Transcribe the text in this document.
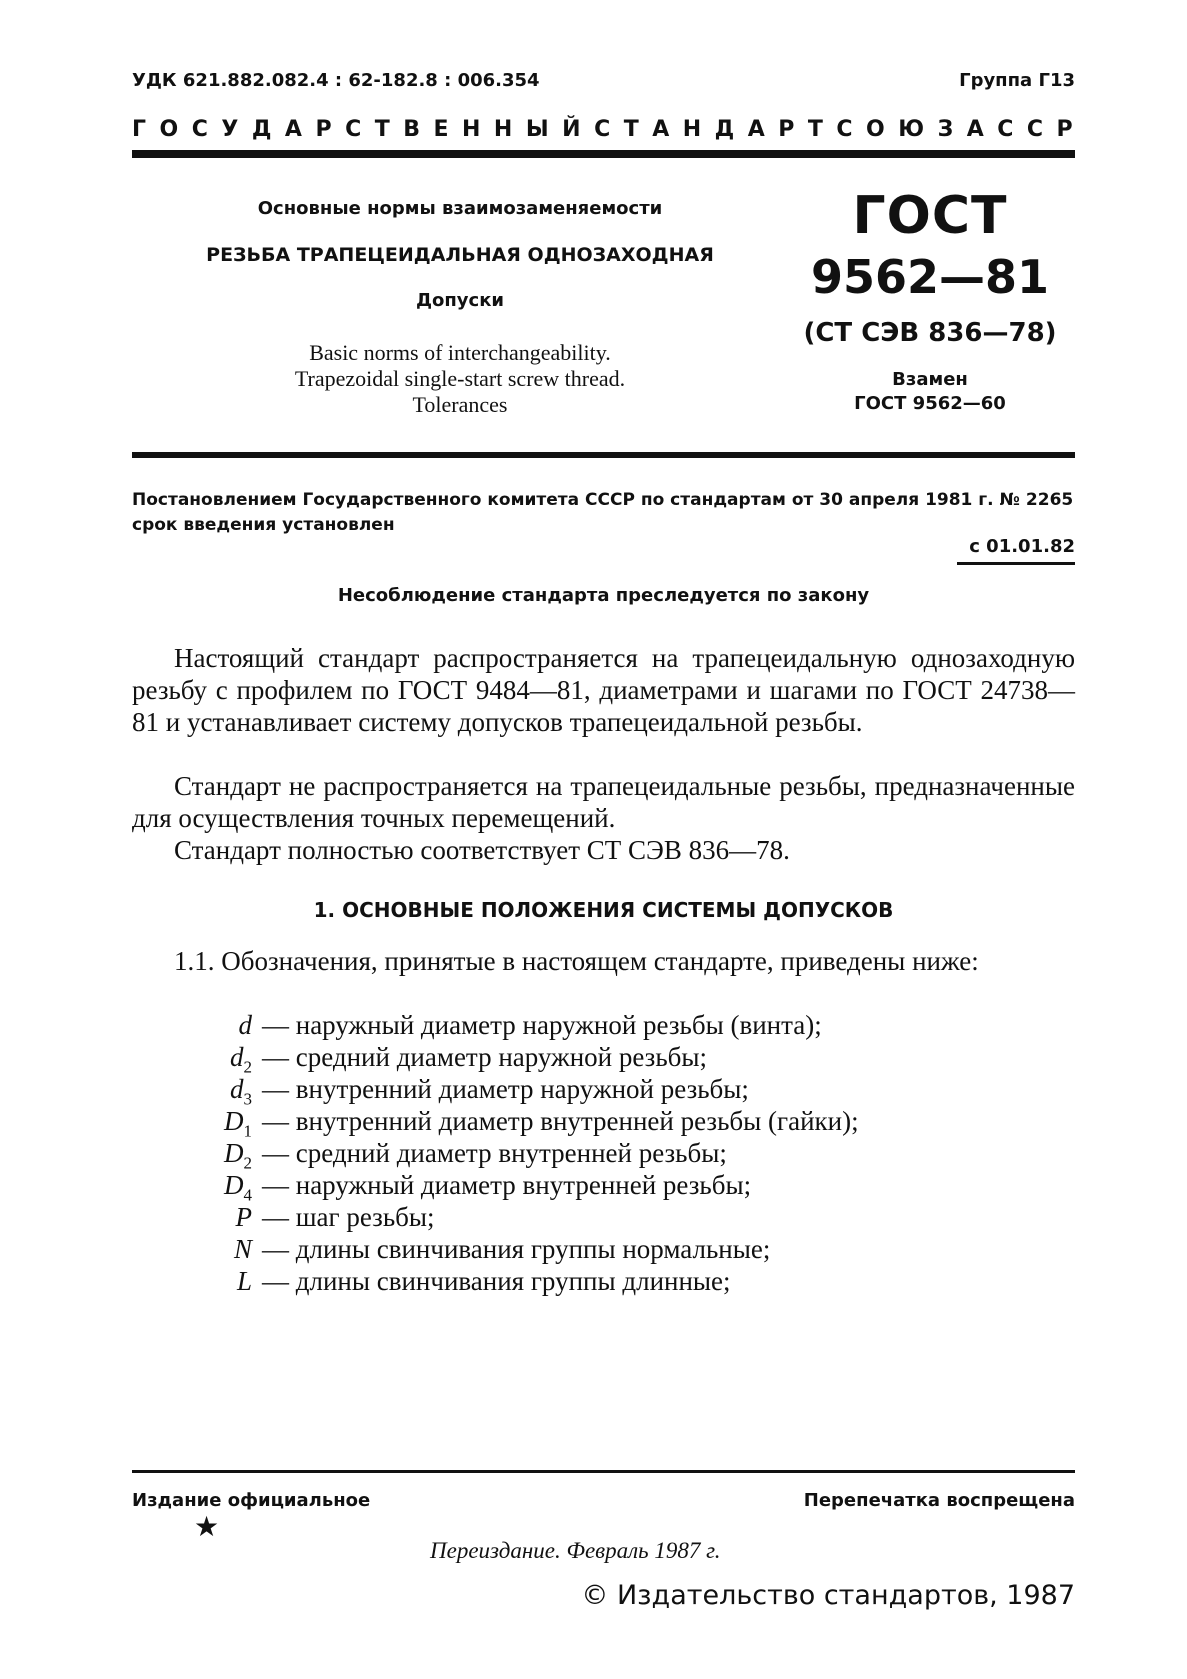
УДК 621.882.082.4 : 62-182.8 : 006.354	Группа Г13
ГОСУДАРСТВЕННЫЙ СТАНДАРТ СОЮЗА ССР
Основные нормы взаимозаменяемости
РЕЗЬБА ТРАПЕЦЕИДАЛЬНАЯ ОДНОЗАХОДНАЯ
Допуски
Basic norms of interchangeability.
Trapezoidal single-start screw thread.
Tolerances
ГОСТ
9562—81
(СТ СЭВ 836—78)
Взамен
ГОСТ 9562—60
Постановлением Государственного комитета СССР по стандартам от 30 апреля 1981 г. № 2265 срок введения установлен
с 01.01.82
Несоблюдение стандарта преследуется по закону
Настоящий стандарт распространяется на трапецеидальную однозаходную резьбу с профилем по ГОСТ 9484—81, диаметрами и шагами по ГОСТ 24738—81 и устанавливает систему допусков трапецеидальной резьбы.
Стандарт не распространяется на трапецеидальные резьбы, предназначенные для осуществления точных перемещений.
Стандарт полностью соответствует СТ СЭВ 836—78.
1. ОСНОВНЫЕ ПОЛОЖЕНИЯ СИСТЕМЫ ДОПУСКОВ
1.1. Обозначения, принятые в настоящем стандарте, приведены ниже:
d — наружный диаметр наружной резьбы (винта);
$d_2$ — средний диаметр наружной резьбы;
$d_3$ — внутренний диаметр наружной резьбы;
$D_1$ — внутренний диаметр внутренней резьбы (гайки);
$D_2$ — средний диаметр внутренней резьбы;
$D_4$ — наружный диаметр внутренней резьбы;
P — шаг резьбы;
N — длины свинчивания группы нормальные;
L — длины свинчивания группы длинные;
Издание официальное
★
Перепечатка воспрещена
Переиздание. Февраль 1987 г.
© Издательство стандартов, 1987
